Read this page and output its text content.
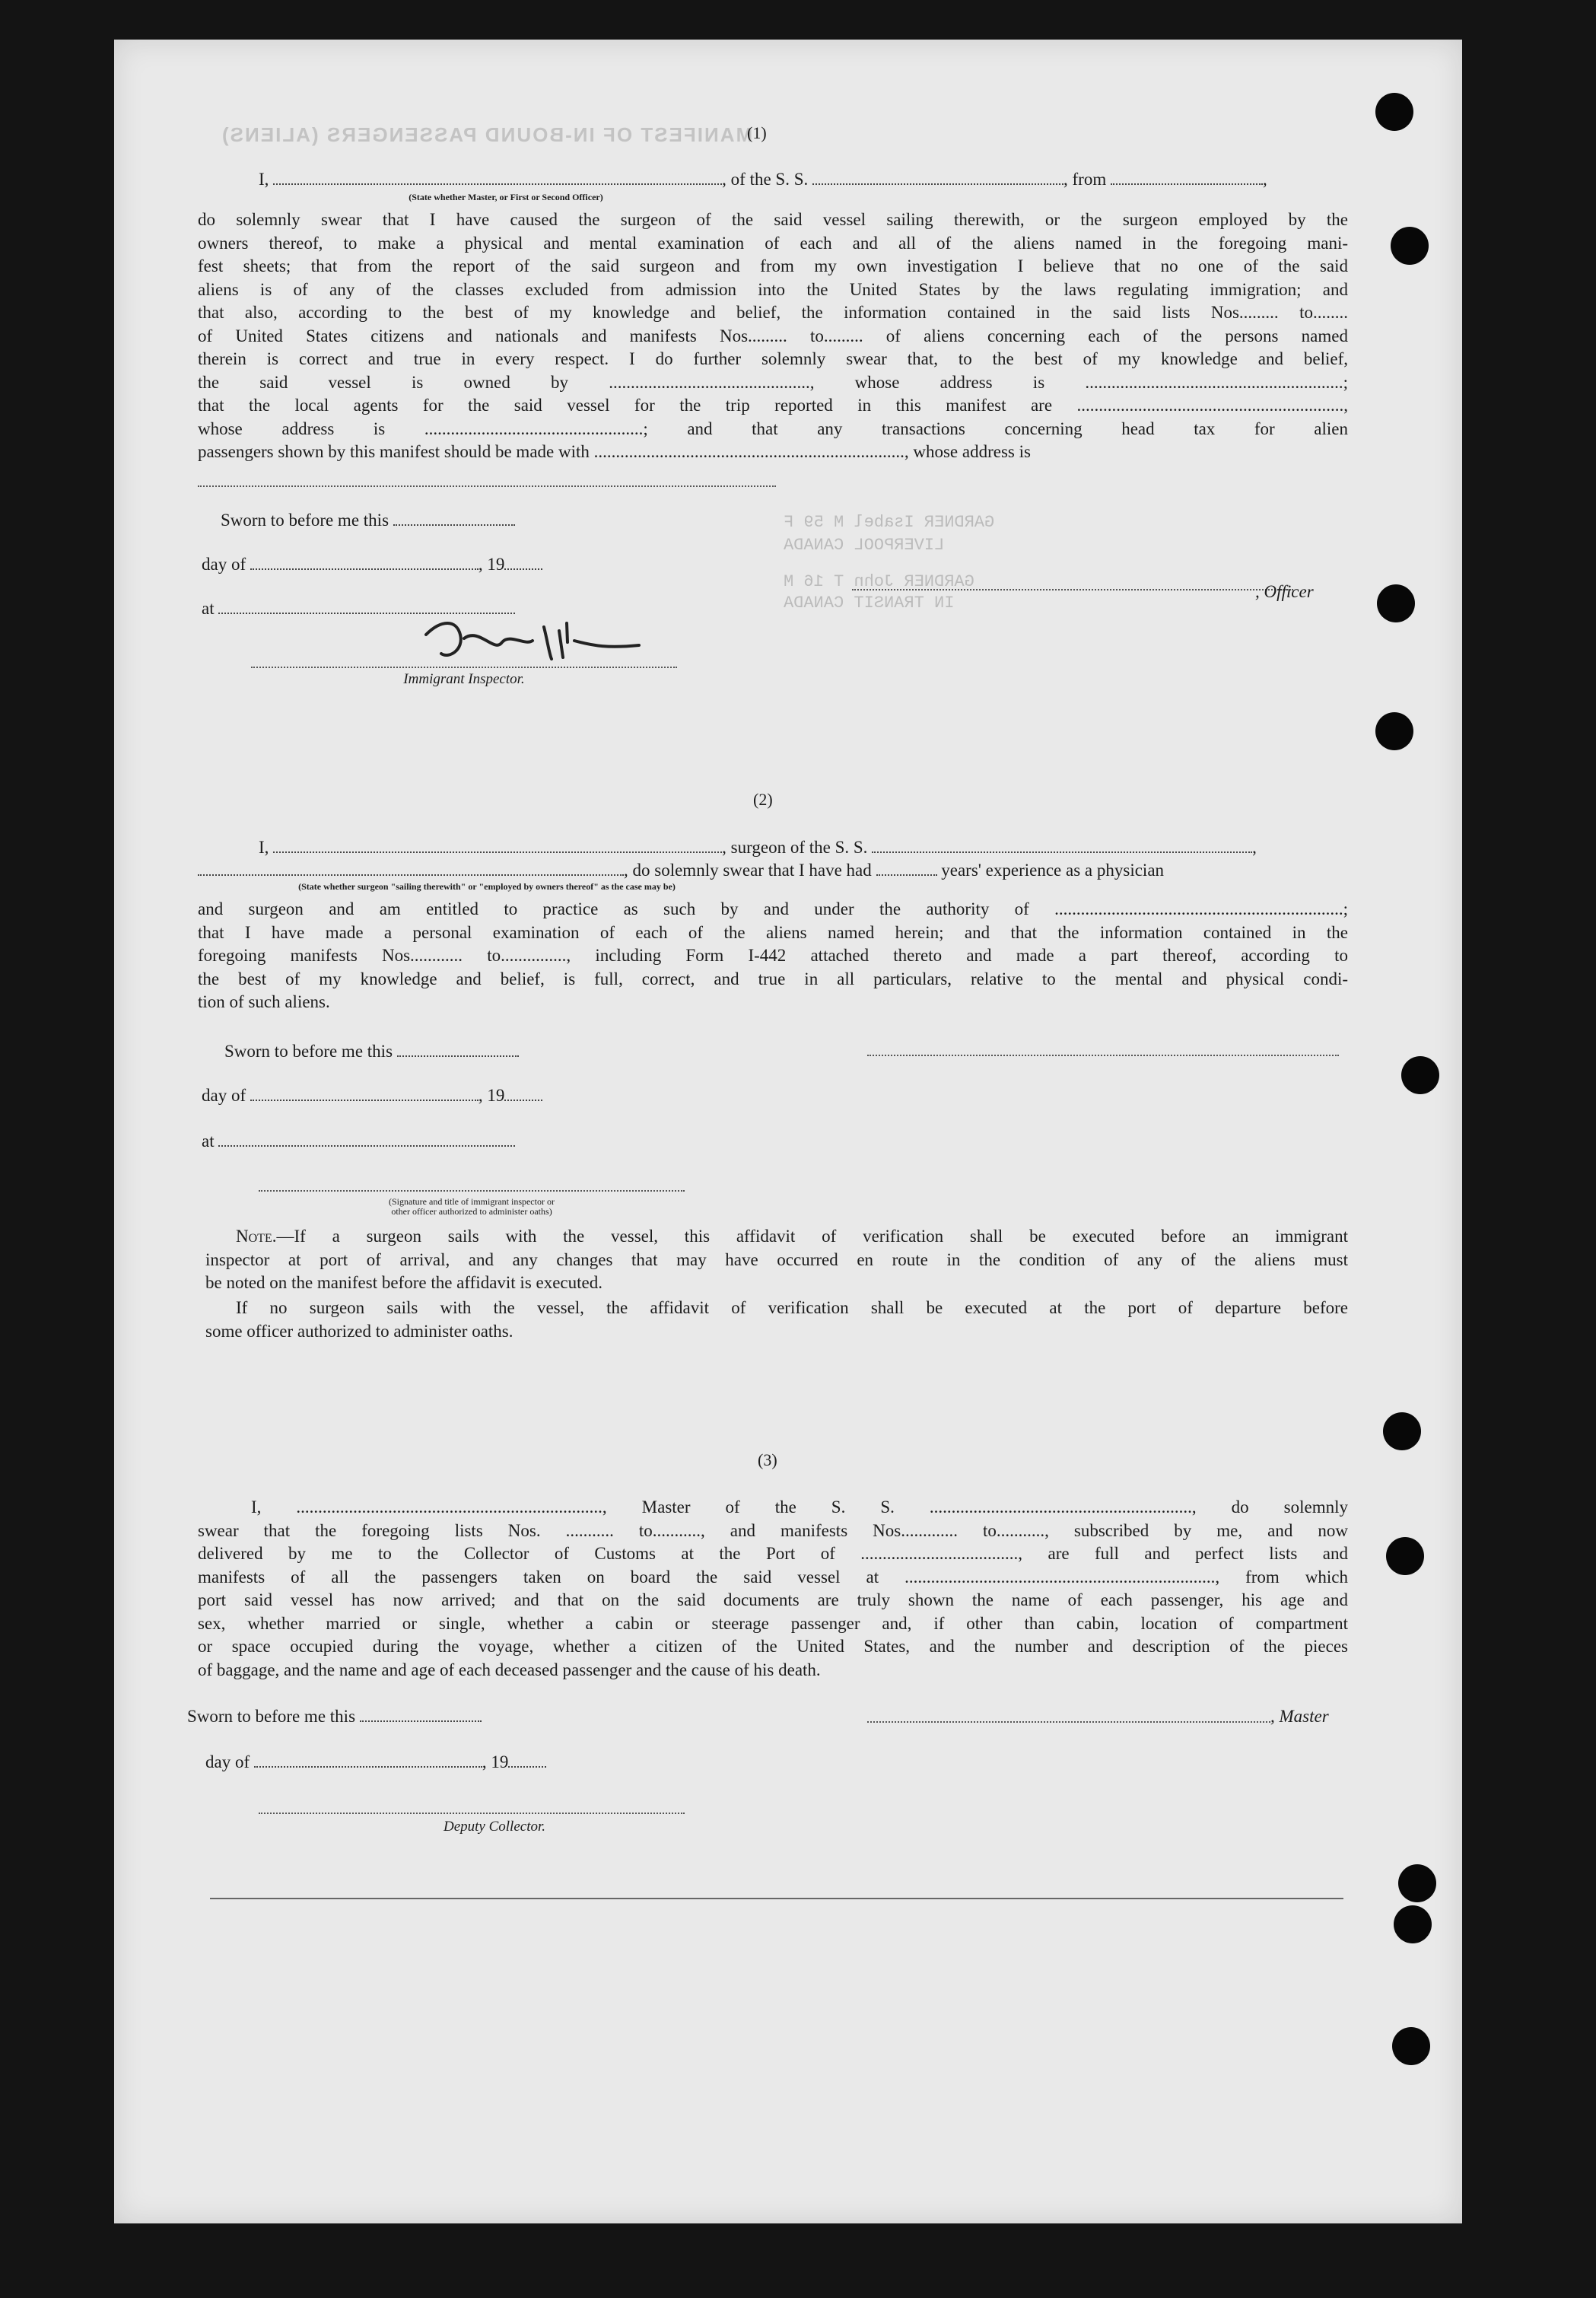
MANIFEST OF IN-BOUND PASSENGERS (ALIENS)
GARDNER Isabel M 59 F
LIVERPOOL CANADA
GARDNER John T 16 M
IN TRANSIT CANADA
(1)
I,	, of the S. S.	, from	,
(State whether Master, or First or Second Officer)
do solemnly swear that I have caused the surgeon of the said vessel sailing therewith, or the surgeon employed by the
owners thereof, to make a physical and mental examination of each and all of the aliens named in the foregoing mani-
fest sheets; that from the report of the said surgeon and from my own investigation I believe that no one of the said
aliens is of any of the classes excluded from admission into the United States by the laws regulating immigration; and
that also, according to the best of my knowledge and belief, the information contained in the said lists Nos......... to........
of United States citizens and nationals and manifests Nos......... to......... of aliens concerning each of the persons named
therein is correct and true in every respect. I do further solemnly swear that, to the best of my knowledge and belief,
the said vessel is owned by .............................................., whose address is ...........................................................;
that the local agents for the said vessel for the trip reported in this manifest are .............................................................,
whose address is ..................................................; and that any transactions concerning head tax for alien
passengers shown by this manifest should be made with ......................................................................., whose address is
Sworn to before me this
day of	, 19
at
, Officer
Immigrant Inspector.
(2)
I,	, surgeon of the S. S.	,
, do solemnly swear that I have had	years' experience as a physician
(State whether surgeon "sailing therewith" or "employed by owners thereof" as the case may be)
and surgeon and am entitled to practice as such by and under the authority of ..................................................................;
that I have made a personal examination of each of the aliens named herein; and that the information contained in the
foregoing manifests Nos............ to..............., including Form I-442 attached thereto and made a part thereof, according to
the best of my knowledge and belief, is full, correct, and true in all particulars, relative to the mental and physical condi-
tion of such aliens.
Sworn to before me this
day of	, 19
at
(Signature and title of immigrant inspector or
other officer authorized to administer oaths)
Note.—If a surgeon sails with the vessel, this affidavit of verification shall be executed before an immigrant
inspector at port of arrival, and any changes that may have occurred en route in the condition of any of the aliens must
be noted on the manifest before the affidavit is executed.
If no surgeon sails with the vessel, the affidavit of verification shall be executed at the port of departure before
some officer authorized to administer oaths.
(3)
I, ......................................................................, Master of the S. S. ............................................................, do solemnly
swear that the foregoing lists Nos. ........... to..........., and manifests Nos............. to..........., subscribed by me, and now
delivered by me to the Collector of Customs at the Port of ...................................., are full and perfect lists and
manifests of all the passengers taken on board the said vessel at ......................................................................., from which
port said vessel has now arrived; and that on the said documents are truly shown the name of each passenger, his age and
sex, whether married or single, whether a cabin or steerage passenger and, if other than cabin, location of compartment
or space occupied during the voyage, whether a citizen of the United States, and the number and description of the pieces
of baggage, and the name and age of each deceased passenger and the cause of his death.
Sworn to before me this	, Master
day of	, 19
Deputy Collector.
